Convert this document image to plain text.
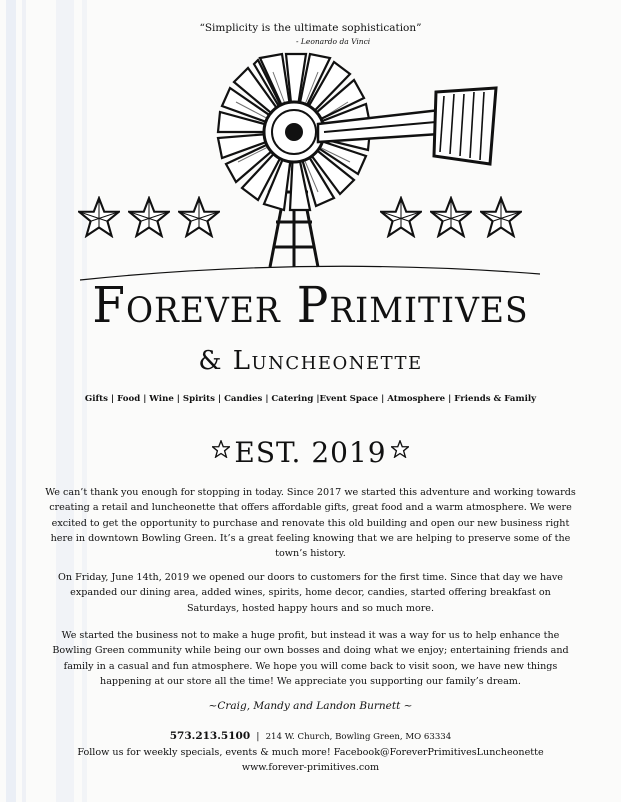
“Simplicity is the ultimate sophistication”
- Leonardo da Vinci
Forever Primitives
& Luncheonette
Gifts | Food | Wine | Spirits | Candies | Catering |Event Space | Atmosphere | Friends & Family
EST. 2019

We can’t thank you enough for stopping in today. Since 2017 we started this adventure and working towards creating a retail and luncheonette that offers affordable gifts, great food and a warm atmosphere. We were excited to get the opportunity to purchase and renovate this old building and open our new business right here in downtown Bowling Green. It’s a great feeling knowing that we are helping to preserve some of the town’s history.

On Friday, June 14th, 2019 we opened our doors to customers for the first time. Since that day we have expanded our dining area, added wines, spirits, home decor, candies, started offering breakfast on Saturdays, hosted happy hours and so much more.

We started the business not to make a huge profit, but instead it was a way for us to help enhance the Bowling Green community while being our own bosses and doing what we enjoy; entertaining friends and family in a casual and fun atmosphere. We hope you will come back to visit soon, we have new things happening at our store all the time! We appreciate you supporting our family’s dream.

~Craig, Mandy and Landon Burnett ~
573.213.5100 | 214 W. Church, Bowling Green, MO 63334
Follow us for weekly specials, events & much more! Facebook@ForeverPrimitivesLuncheonette
www.forever-primitives.com
